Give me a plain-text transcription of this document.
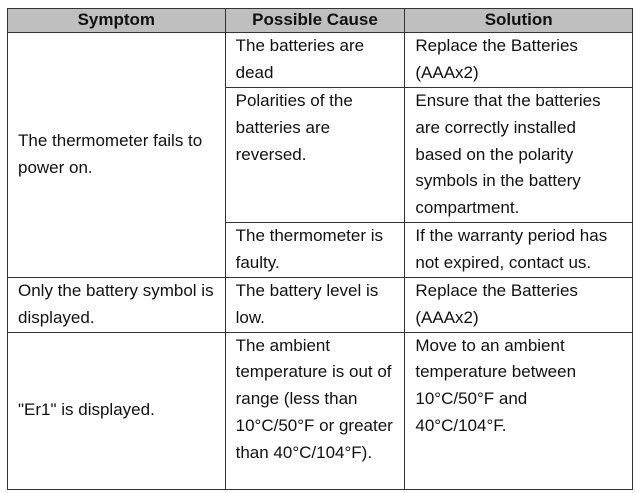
Symptom	Possible Cause	Solution
The thermometer fails to power on.	The batteries are dead	Replace the Batteries (AAAx2)
	Polarities of the batteries are reversed.	Ensure that the batteries are correctly installed based on the polarity symbols in the battery compartment.
	The thermometer is faulty.	If the warranty period has not expired, contact us.
Only the battery symbol is displayed.	The battery level is low.	Replace the Batteries (AAAx2)
"Er1" is displayed.	The ambient temperature is out of range (less than 10°C/50°F or greater than 40°C/104°F).	Move to an ambient temperature between 10°C/50°F and 40°C/104°F.
